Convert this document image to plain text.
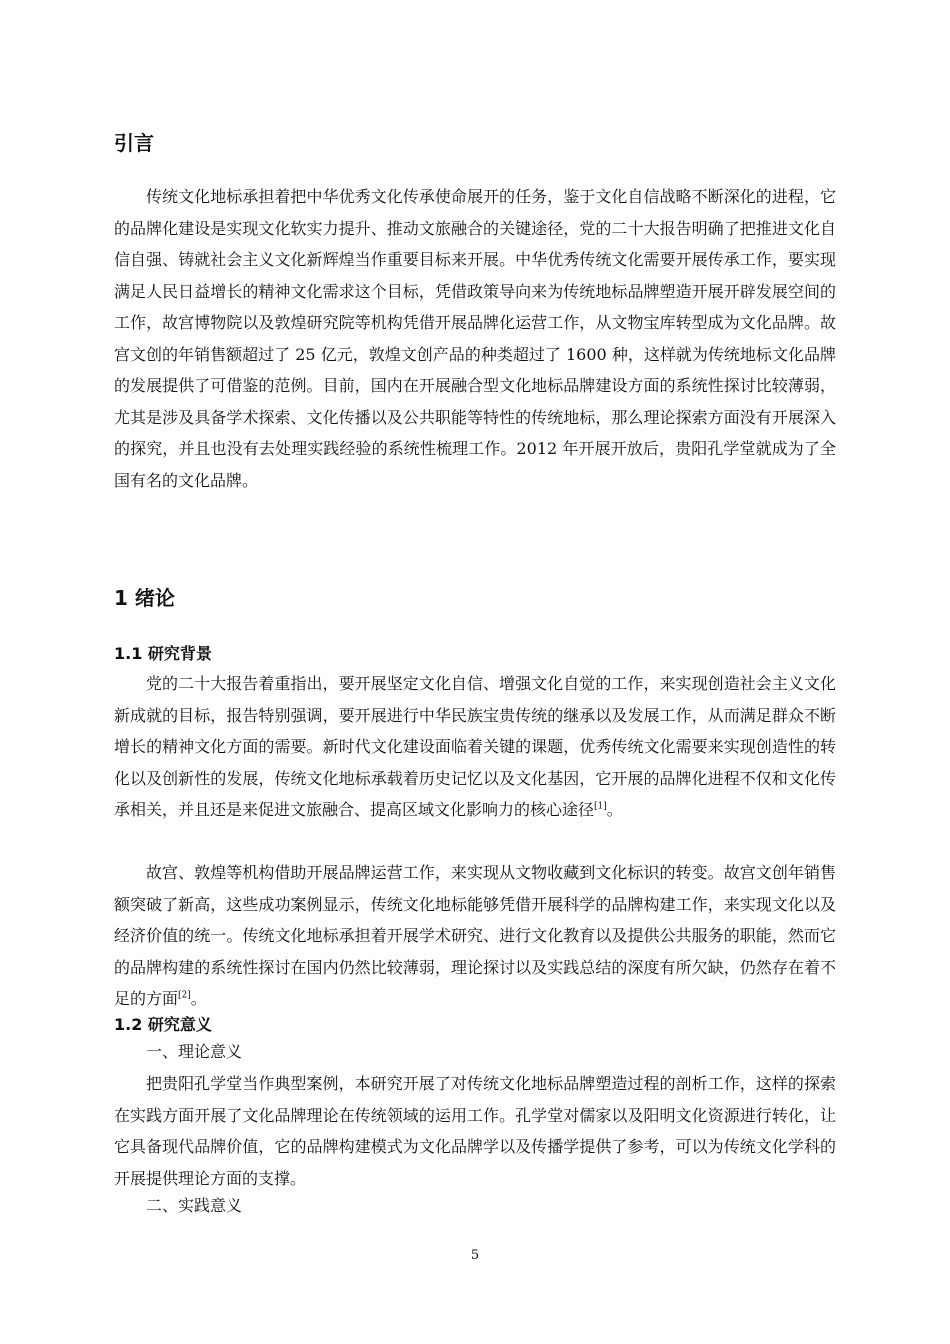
引言

传统文化地标承担着把中华优秀文化传承使命展开的任务，鉴于文化自信战略不断深化的进程，它的品牌化建设是实现文化软实力提升、推动文旅融合的关键途径，党的二十大报告明确了把推进文化自信自强、铸就社会主义文化新辉煌当作重要目标来开展。中华优秀传统文化需要开展传承工作，要实现满足人民日益增长的精神文化需求这个目标，凭借政策导向来为传统地标品牌塑造开展开辟发展空间的工作，故宫博物院以及敦煌研究院等机构凭借开展品牌化运营工作，从文物宝库转型成为文化品牌。故宫文创的年销售额超过了 25 亿元，敦煌文创产品的种类超过了 1600 种，这样就为传统地标文化品牌的发展提供了可借鉴的范例。目前，国内在开展融合型文化地标品牌建设方面的系统性探讨比较薄弱，尤其是涉及具备学术探索、文化传播以及公共职能等特性的传统地标，那么理论探索方面没有开展深入的探究，并且也没有去处理实践经验的系统性梳理工作。2012 年开展开放后，贵阳孔学堂就成为了全国有名的文化品牌。

1 绪论
1.1 研究背景

党的二十大报告着重指出，要开展坚定文化自信、增强文化自觉的工作，来实现创造社会主义文化新成就的目标，报告特别强调，要开展进行中华民族宝贵传统的继承以及发展工作，从而满足群众不断增长的精神文化方面的需要。新时代文化建设面临着关键的课题，优秀传统文化需要来实现创造性的转化以及创新性的发展，传统文化地标承载着历史记忆以及文化基因，它开展的品牌化进程不仅和文化传承相关，并且还是来促进文旅融合、提高区域文化影响力的核心途径[1]。

故宫、敦煌等机构借助开展品牌运营工作，来实现从文物收藏到文化标识的转变。故宫文创年销售额突破了新高，这些成功案例显示，传统文化地标能够凭借开展科学的品牌构建工作，来实现文化以及经济价值的统一。传统文化地标承担着开展学术研究、进行文化教育以及提供公共服务的职能，然而它的品牌构建的系统性探讨在国内仍然比较薄弱，理论探讨以及实践总结的深度有所欠缺，仍然存在着不足的方面[2]。

1.2 研究意义

一、理论意义

把贵阳孔学堂当作典型案例，本研究开展了对传统文化地标品牌塑造过程的剖析工作，这样的探索在实践方面开展了文化品牌理论在传统领域的运用工作。孔学堂对儒家以及阳明文化资源进行转化，让它具备现代品牌价值，它的品牌构建模式为文化品牌学以及传播学提供了参考，可以为传统文化学科的开展提供理论方面的支撑。

二、实践意义

5
